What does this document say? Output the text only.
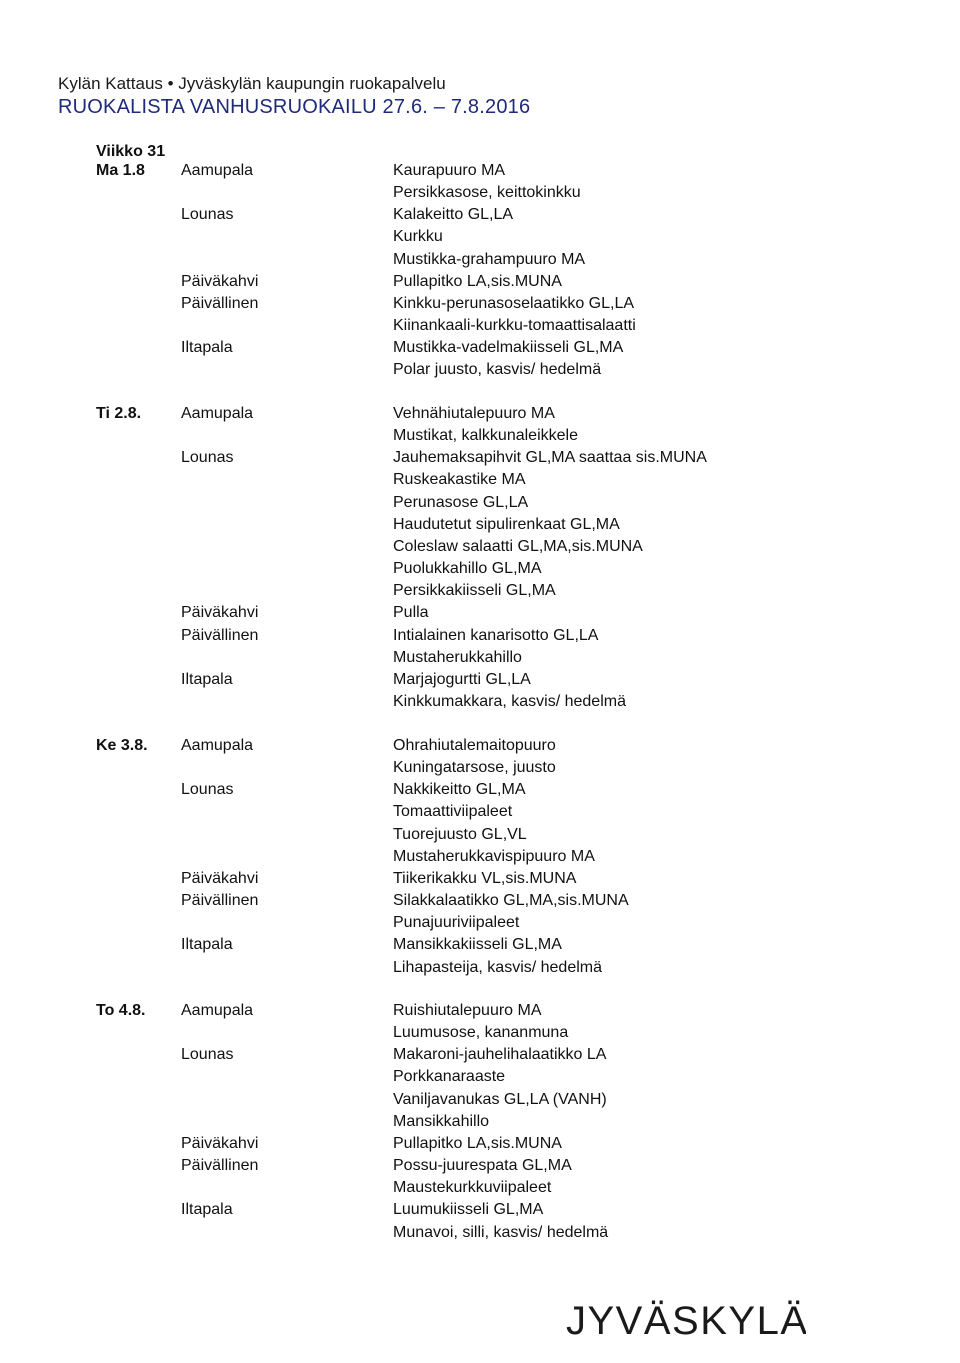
Kylän Kattaus • Jyväskylän kaupungin ruokapalvelu
RUOKALISTA VANHUSRUOKAILU 27.6. – 7.8.2016
Viikko 31
Ma 1.8 Aamupala	Kaurapuuro MA
Persikkasose, keittokinkku
Lounas	Kalakeitto GL,LA
Kurkku
Mustikka-grahampuuro MA
Päiväkahvi	Pullapitko LA,sis.MUNA
Päivällinen	Kinkku-perunasoselaatikko GL,LA
Kiinankaali-kurkku-tomaattisalaatti
Iltapala	Mustikka-vadelmakiisseli GL,MA
Polar juusto, kasvis/ hedelmä
Ti 2.8. Aamupala	Vehnähiutalepuuro MA
Mustikat, kalkkunaleikkele
Lounas	Jauhemaksapihvit GL,MA saattaa sis.MUNA
Ruskeakastike MA
Perunasose GL,LA
Haudutetut sipulirenkaat GL,MA
Coleslaw salaatti GL,MA,sis.MUNA
Puolukkahillo GL,MA
Persikkakiisseli GL,MA
Päiväkahvi	Pulla
Päivällinen	Intialainen kanarisotto GL,LA
Mustaherukkahillo
Iltapala	Marjajogurtti GL,LA
Kinkkumakkara, kasvis/ hedelmä
Ke 3.8. Aamupala	Ohrahiutalemaitopuuro
Kuningatarsose, juusto
Lounas	Nakkikeitto GL,MA
Tomaattiviipaleet
Tuorejuusto GL,VL
Mustaherukkavispipuuro MA
Päiväkahvi	Tiikerikakku VL,sis.MUNA
Päivällinen	Silakkalaatikko GL,MA,sis.MUNA
Punajuuriviipaleet
Iltapala	Mansikkakiisseli GL,MA
Lihapasteija, kasvis/ hedelmä
To 4.8. Aamupala	Ruishiutalepuuro MA
Luumusose, kananmuna
Lounas	Makaroni-jauhelihalaatikko LA
Porkkanaraaste
Vaniljavanukas GL,LA (VANH)
Mansikkahillo
Päiväkahvi	Pullapitko LA,sis.MUNA
Päivällinen	Possu-juurespata GL,MA
Maustekurkkuviipaleet
Iltapala	Luumukiisseli GL,MA
Munavoi, silli, kasvis/ hedelmä
JYVÄSKYLÄ
